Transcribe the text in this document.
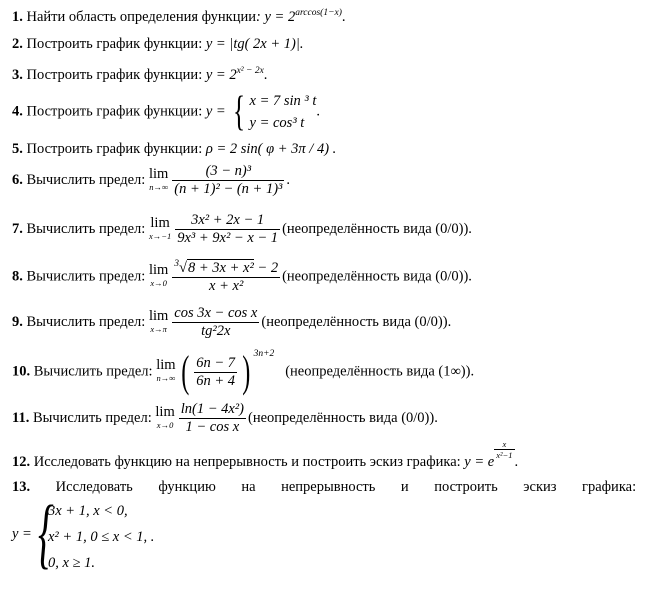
1. Найти область определения функции: $y = 2^{arccos(1-x)}$.
2. Построить график функции: y = |tg( 2x + 1)|.
3. Построить график функции: $y = 2^{x^2 - 2x}$.
4. Построить график функции: y = { x = 7 sin ³ t
y = cos³ t
.
5. Построить график функции: ρ = 2 sin( φ + 3π / 4) .
6. Вычислить предел: lim
$n\to\infty \frac{\text{(3 − n)³}}{\text{(n + 1)² − (n + 1)³}}$ .
7. Вычислить предел: lim
$x\to-1 \frac{\text{3x² + 2x − 1}}{\text{9x³ + 9x² − x − 1}}$ (неопределённость вида (0/0)).
8. Вычислить предел: lim
$x\to 0 \frac{^3√8 + 3x + x^2 - 2}{\text{x + x²}}$ (неопределённость вида (0/0)).
9. Вычислить предел: lim
$x\to\pi \frac{\text{cos 3x − cos x}}{\text{tg²2x}}$ (неопределённость вида (0/0)).
10. Вычислить предел: lim
n→∞ ( $\frac{6n - 7}{6n + 4}$ ) $^{3n+2}$   (неопределённость вида (1∞)).
11. Вычислить предел: lim
$x\to 0 \frac{\text{ln(1 − 4x²)}}{\text{1 − cos x}}$ (неопределённость вида (0/0)).
12. Исследовать функцию на непрерывность и построить эскиз графика: y = e
$\frac{x}{\text{x²−1}}$
.
13. Исследовать функцию на непрерывность и построить эскиз графика:
y = {
3x + 1, x < 0,
x² + 1, 0 ≤ x < 1, .
0, x ≥ 1.
